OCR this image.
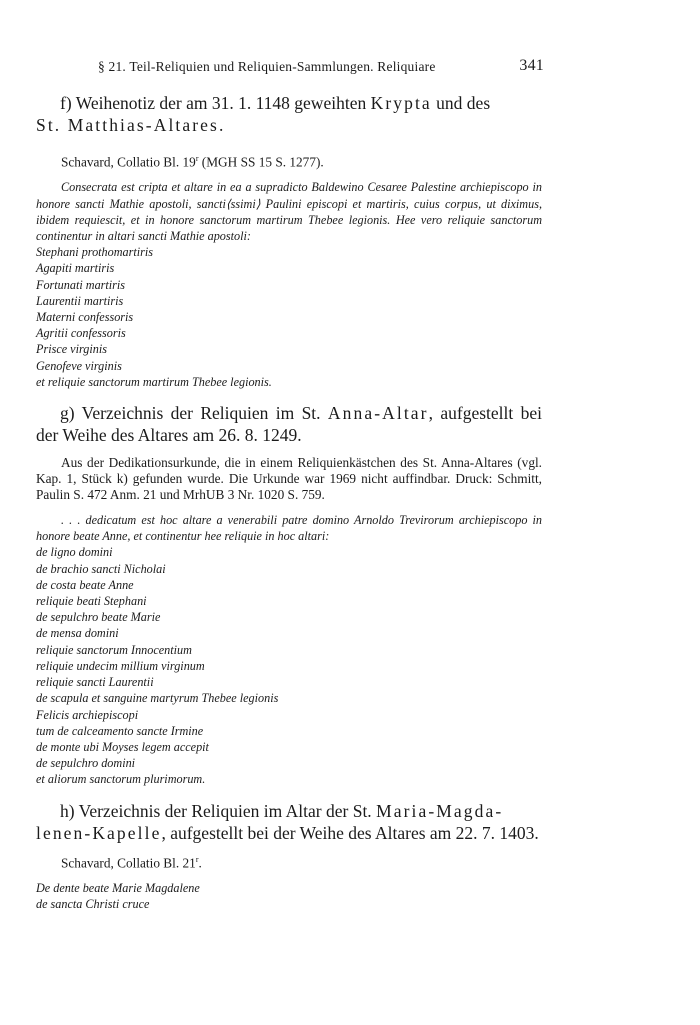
§ 21. Teil-Reliquien und Reliquien-Sammlungen. Reliquiare	341

f) Weihenotiz der am 31. 1. 1148 geweihten Krypta und des
St. Matthias-Altares.

Schavard, Collatio Bl. 19$^r$ (MGH SS 15 S. 1277).

Consecrata est cripta et altare in ea a supradicto Baldewino Cesaree Palestine archiepiscopo in honore sancti Mathie apostoli, sancti⟨ssimi⟩ Paulini episcopi et martiris, cuius corpus, ut diximus, ibidem requiescit, et in honore sanctorum martirum Thebee legionis. Hee vero reliquie sanctorum continentur in altari sancti Mathie apostoli:

Stephani prothomartiris
Agapiti martiris
Fortunati martiris
Laurentii martiris
Materni confessoris
Agritii confessoris
Prisce virginis
Genofeve virginis
et reliquie sanctorum martirum Thebee legionis.

g) Verzeichnis der Reliquien im St. Anna-Altar, aufgestellt bei der Weihe des Altares am 26. 8. 1249.

Aus der Dedikationsurkunde, die in einem Reliquienkästchen des St. Anna-Altares (vgl. Kap. 1, Stück k) gefunden wurde. Die Urkunde war 1969 nicht auffindbar. Druck: Schmitt, Paulin S. 472 Anm. 21 und MrhUB 3 Nr. 1020 S. 759.

. . . dedicatum est hoc altare a venerabili patre domino Arnoldo Trevirorum archiepiscopo in honore beate Anne, et continentur hee reliquie in hoc altari:

de ligno domini
de brachio sancti Nicholai
de costa beate Anne
reliquie beati Stephani
de sepulchro beate Marie
de mensa domini
reliquie sanctorum Innocentium
reliquie undecim millium virginum
reliquie sancti Laurentii
de scapula et sanguine martyrum Thebee legionis
Felicis archiepiscopi
tum de calceamento sancte Irmine
de monte ubi Moyses legem accepit
de sepulchro domini
et aliorum sanctorum plurimorum.

h) Verzeichnis der Reliquien im Altar der St. Maria-Magda-
lenen-Kapelle, aufgestellt bei der Weihe des Altares am 22. 7. 1403.

Schavard, Collatio Bl. 21$^r$.

De dente beate Marie Magdalene
de sancta Christi cruce
